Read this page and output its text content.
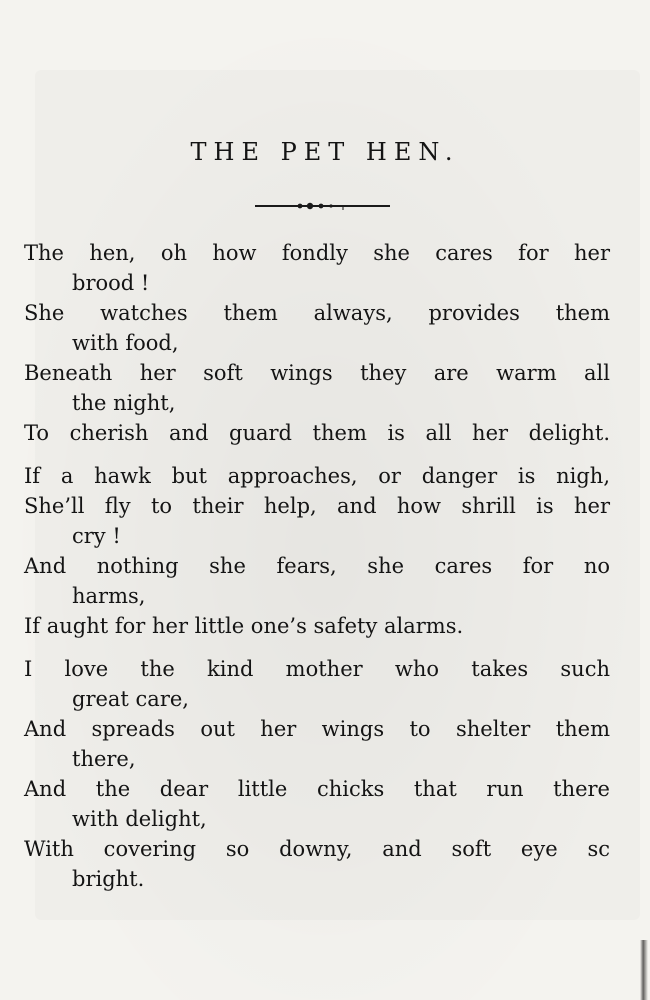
THE PET HEN.
The hen, oh how fondly she cares for her
brood !
She watches them always, provides them
with food,
Beneath her soft wings they are warm all
the night,
To cherish and guard them is all her delight.
If a hawk but approaches, or danger is nigh,
She’ll fly to their help, and how shrill is her
cry !
And nothing she fears, she cares for no
harms,
If aught for her little one’s safety alarms.
I love the kind mother who takes such
great care,
And spreads out her wings to shelter them
there,
And the dear little chicks that run there
with delight,
With covering so downy, and soft eye sc
bright.
